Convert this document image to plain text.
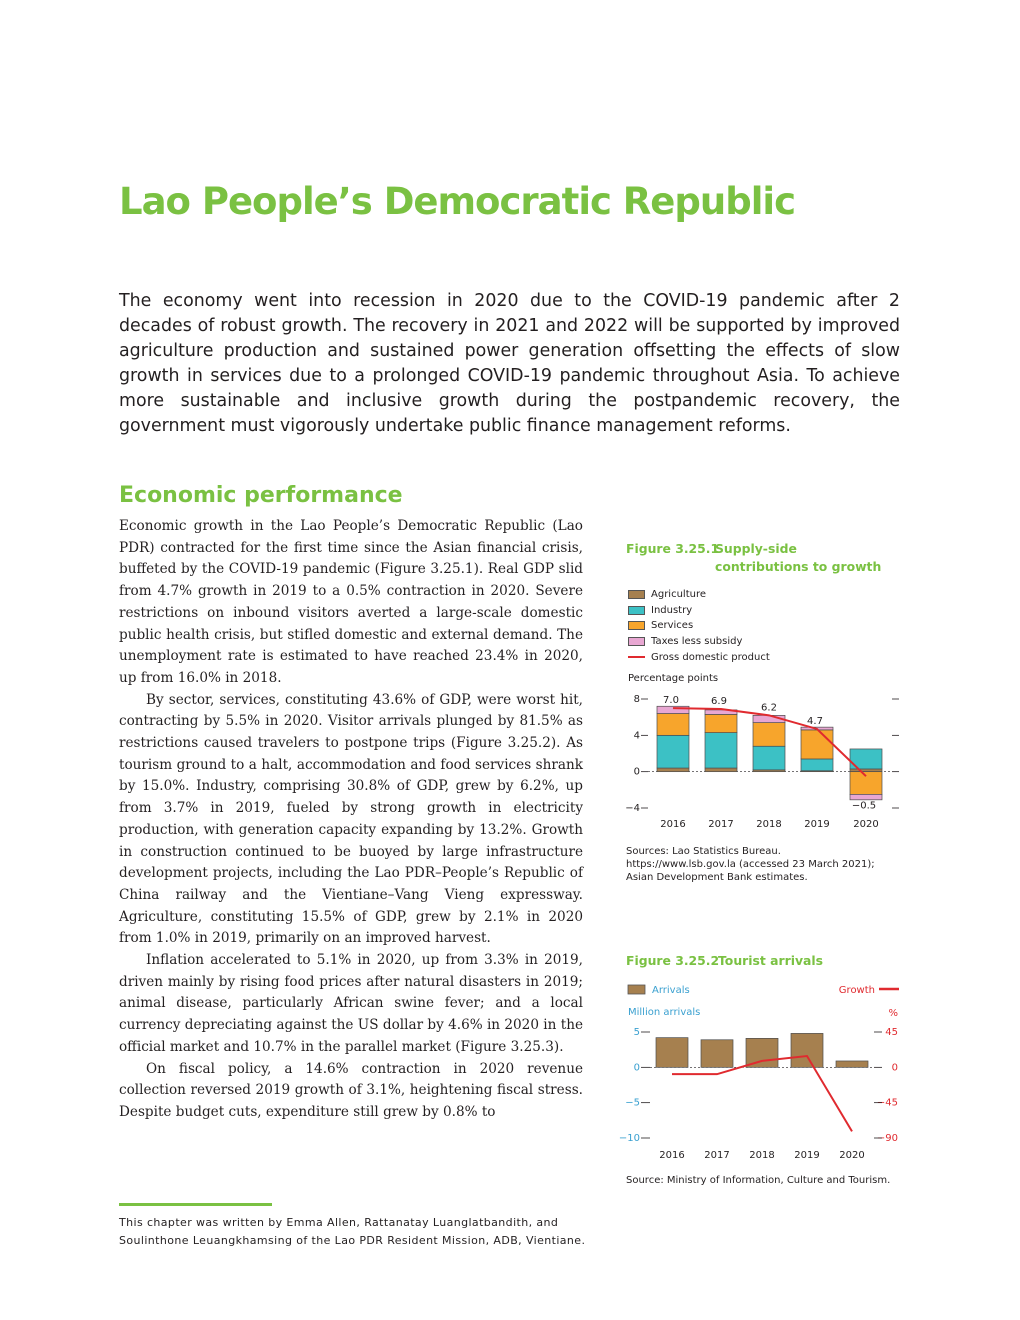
Lao People’s Democratic Republic

The economy went into recession in 2020 due to the COVID-19 pandemic after 2 decades of robust growth. The recovery in 2021 and 2022 will be supported by improved agriculture production and sustained power generation offsetting the effects of slow growth in services due to a prolonged COVID-19 pandemic throughout Asia. To achieve more sustainable and inclusive growth during the postpandemic recovery, the government must vigorously undertake public finance management reforms.

Economic performance

Economic growth in the Lao People’s Democratic Republic (Lao PDR) contracted for the first time since the Asian financial crisis, buffeted by the COVID-19 pandemic (Figure 3.25.1). Real GDP slid from 4.7% growth in 2019 to a 0.5% contraction in 2020. Severe restrictions on inbound visitors averted a large-scale domestic public health crisis, but stifled domestic and external demand. The unemployment rate is estimated to have reached 23.4% in 2020, up from 16.0% in 2018.

By sector, services, constituting 43.6% of GDP, were worst hit, contracting by 5.5% in 2020. Visitor arrivals plunged by 81.5% as restrictions caused travelers to postpone trips (Figure 3.25.2). As tourism ground to a halt, accommodation and food services shrank by 15.0%. Industry, comprising 30.8% of GDP, grew by 6.2%, up from 3.7% in 2019, fueled by strong growth in electricity production, with generation capacity expanding by 13.2%. Growth in construction continued to be buoyed by large infrastructure development projects, including the Lao PDR–People’s Republic of China railway and the Vientiane–Vang Vieng expressway. Agriculture, constituting 15.5% of GDP, grew by 2.1% in 2020 from 1.0% in 2019, primarily on an improved harvest.

Inflation accelerated to 5.1% in 2020, up from 3.3% in 2019, driven mainly by rising food prices after natural disasters in 2019; animal disease, particularly African swine fever; and a local currency depreciating against the US dollar by 4.6% in 2020 in the official market and 10.7% in the parallel market (Figure 3.25.3).

On fiscal policy, a 14.6% contraction in 2020 revenue collection reversed 2019 growth of 3.1%, heightening fiscal stress. Despite budget cuts, expenditure still grew by 0.8% to

Figure 3.25.1
Supply-side contributions to growth
Agriculture
Industry
Services
Taxes less subsidy
Gross domestic product
Percentage points
8
4
0
−4
2016 2017 2018 2019 2020
7.0	6.9
6.2
4.7
−0.5
Sources: Lao Statistics Bureau. https://www.lsb.gov.la (accessed 23 March 2021); Asian Development Bank estimates.
Figure 3.25.2
Tourist arrivals
Arrivals	Growth
Million arrivals	%
5
0
−5
−10
45
0
−45
−90
2016 2017 2018 2019 2020
Source: Ministry of Information, Culture and Tourism.

This chapter was written by Emma Allen, Rattanatay Luanglatbandith, and Soulinthone Leuangkhamsing of the Lao PDR Resident Mission, ADB, Vientiane.
